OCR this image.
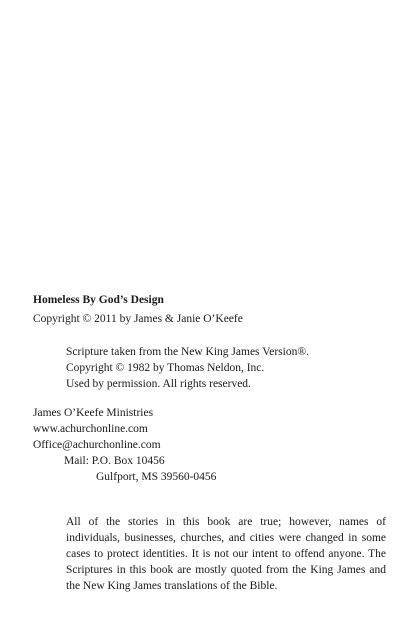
Homeless By God’s Design
Copyright © 2011 by James & Janie O’Keefe
Scripture taken from the New King James Version®.
Copyright © 1982 by Thomas Neldon, Inc.
Used by permission. All rights reserved.
James O’Keefe Ministries
www.achurchonline.com
Office@achurchonline.com
Mail: P.O. Box 10456
Gulfport, MS 39560-0456
All of the stories in this book are true; however, names of individuals, businesses, churches, and cities were changed in some cases to protect identities. It is not our intent to offend anyone. The Scriptures in this book are mostly quoted from the King James and the New King James translations of the Bible.
